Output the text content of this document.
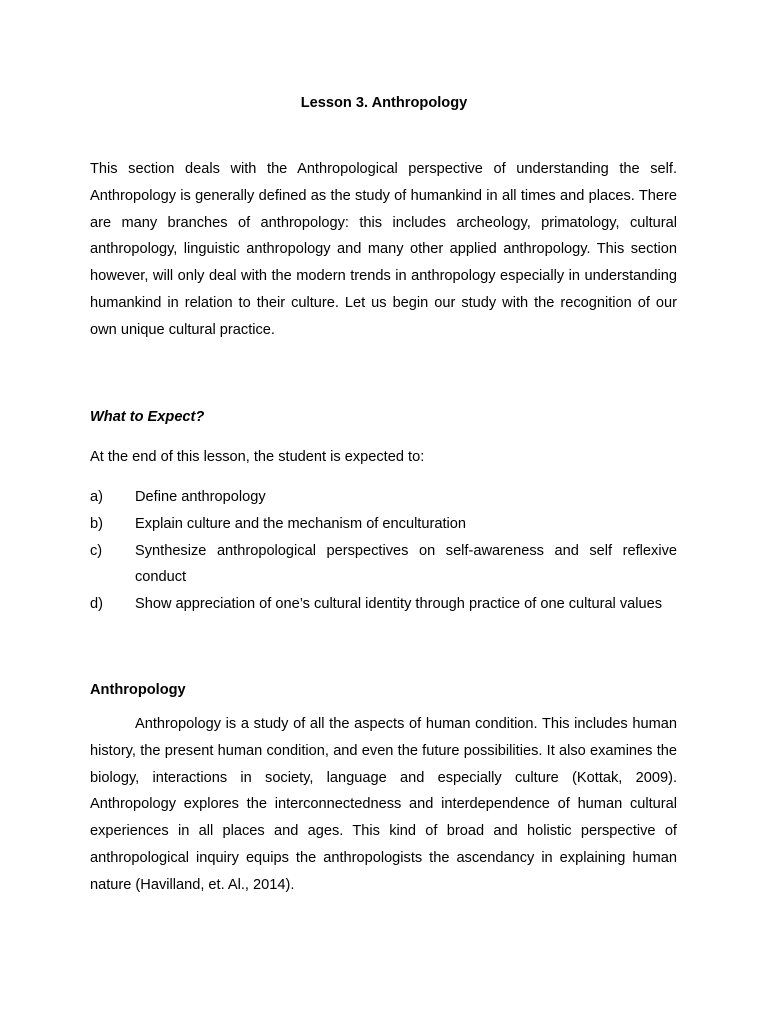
Lesson 3. Anthropology

This section deals with the Anthropological perspective of understanding the self. Anthropology is generally defined as the study of humankind in all times and places. There are many branches of anthropology: this includes archeology, primatology, cultural anthropology, linguistic anthropology and many other applied anthropology. This section however, will only deal with the modern trends in anthropology especially in understanding humankind in relation to their culture. Let us begin our study with the recognition of our own unique cultural practice.

What to Expect?
At the end of this lesson, the student is expected to:
a) Define anthropology
b) Explain culture and the mechanism of enculturation
c) Synthesize anthropological perspectives on self-awareness and self reflexive conduct
d) Show appreciation of one’s cultural identity through practice of one cultural values
Anthropology

Anthropology is a study of all the aspects of human condition. This includes human history, the present human condition, and even the future possibilities. It also examines the biology, interactions in society, language and especially culture (Kottak, 2009). Anthropology explores the interconnectedness and interdependence of human cultural experiences in all places and ages. This kind of broad and holistic perspective of anthropological inquiry equips the anthropologists the ascendancy in explaining human nature (Havilland, et. Al., 2014).
